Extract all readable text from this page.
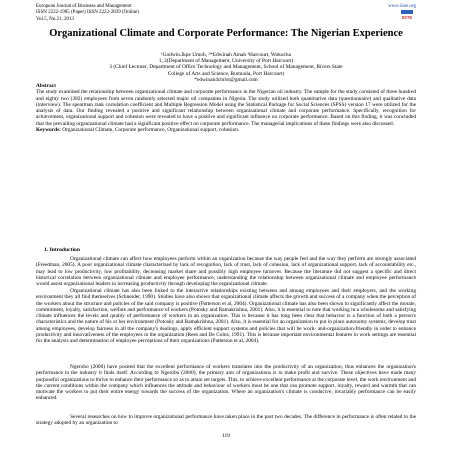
European Journal of Business and Management
ISSN 2222-1905 (Paper) ISSN 2222-2839 (Online)
Vol.5, No.21, 2013
www.iiste.org
IISTE
Organizational Climate and Corporate Performance: The Nigerian Experience
¹Godwin.Ikpe Umoh, ²*Edwinah Amah ³Harcourt, Wokocha
1, 2(Department of Management, University of Port Harcourt)
3 (Chief Lecturer, Department of Office Technology and Management, School of Management, Rivers State
College of Arts and Science, Rumuola, Port Harcourt)
*edwinah4christ@gmail.com
Abstract
The study examined the relationship between organizational climate and corporate performance in the Nigerian oil industry. The sample for the study consisted of three hundred and eighty two (382) employees from seven randomly selected major oil companies in Nigeria. The study utilized both quantitative data (questionnaire) and qualitative data (interview). The spearman rank correlation coefficient and Multiple Regression Model using the Statistical Package for Social Sciences (SPSS) version 17 were utilized for the analysis of data. Our finding revealed a positive and significant relationship between organizational climate and corporate performance. Specifically, recognition for achievement, organizational support and cohesion were revealed to have a positive and significant influence on corporate performance. Based on this finding, it was concluded that the prevailing organizational climate had a significant positive effect on corporate performance. The managerial implications of these findings were also discussed.
Keywords: Organizational Climate, Corporate performance, Organizational support, cohesion.
1. Introduction

Organizational climate can affect how employees perform within an organization because the way people feel and the way they perform are strongly associated (Freedman, 2005). A poor organizational climate characterized by lack of recognition, lack of trust, lack of cohesion, lack of organizational support, lack of accountability etc., may lead to low productivity, low profitability, decreasing market share and possibly high employee turnover. Because the literature did not suggest a specific and direct historical correlation between organizational climate and employee performance, understanding the relationship between organizational climate and employee performance would assist organizational leaders in increasing productivity through developing the organizational climate.

Organizational climate has also been linked to the interactive relationships existing between and among employees and their employers, and the working environment they all find themselves (Schneider, 1990). Studies have also shown that organizational climate affects the growth and success of a company when the perception of the workers about the structure and policies of the said company is positive (Patterson et al, 2004). Organizational climate has also been shown to significantly affect the morale, commitment, loyalty, satisfaction, welfare and performance of workers (Potosky and Ramakrishna, 2001). Also, it is essential to note that working in a wholesome and satisfying climate influences the levels and quality of performance of workers in an organization. This is because it has long been clear that behavior is a function of both a person's characteristics and the nature of his or her environment (Potosky and Ramakrishna, 2001). Also, it is essential for an organization to put in place autonomy systems, develop trust among employees, develop fairness in all the company's dealings, apply efficient support systems and policies that will be work- and-organization-friendly in order to enhance productivity and innovativeness of the employees in the organization (Rees and De Colns, 1991). This is because important environmental features in work settings are essential for the analysis and determination of employee perceptions of their organizations (Patterson et al, 2004).

Ngerobo (2000) have posited that the excellent performance of workers translates into the productivity of an organization, thus enhances the organization's performance in the industry it finds itself. According to Ngerobo (2000), the primary aim of organizations is to make profit and survive. These objectives have made many purposeful organizations to thrive to enhance their performance so as to attain set targets. This, to achieve excellent performance at the corporate level, the work environment and the current conditions within the company which influences the attitude and behaviour of workers must be one that can promote support, loyalty, reward and warmth that can motivate the workers to put their entire energy towards the success of the organization. Where an organization's climate is conducive, invariably performance can be easily enhanced.

Several researches on how to improve organizational performance have taken place in the past two decades. The difference in performance is often related to the strategy adopted by an organization to

119
